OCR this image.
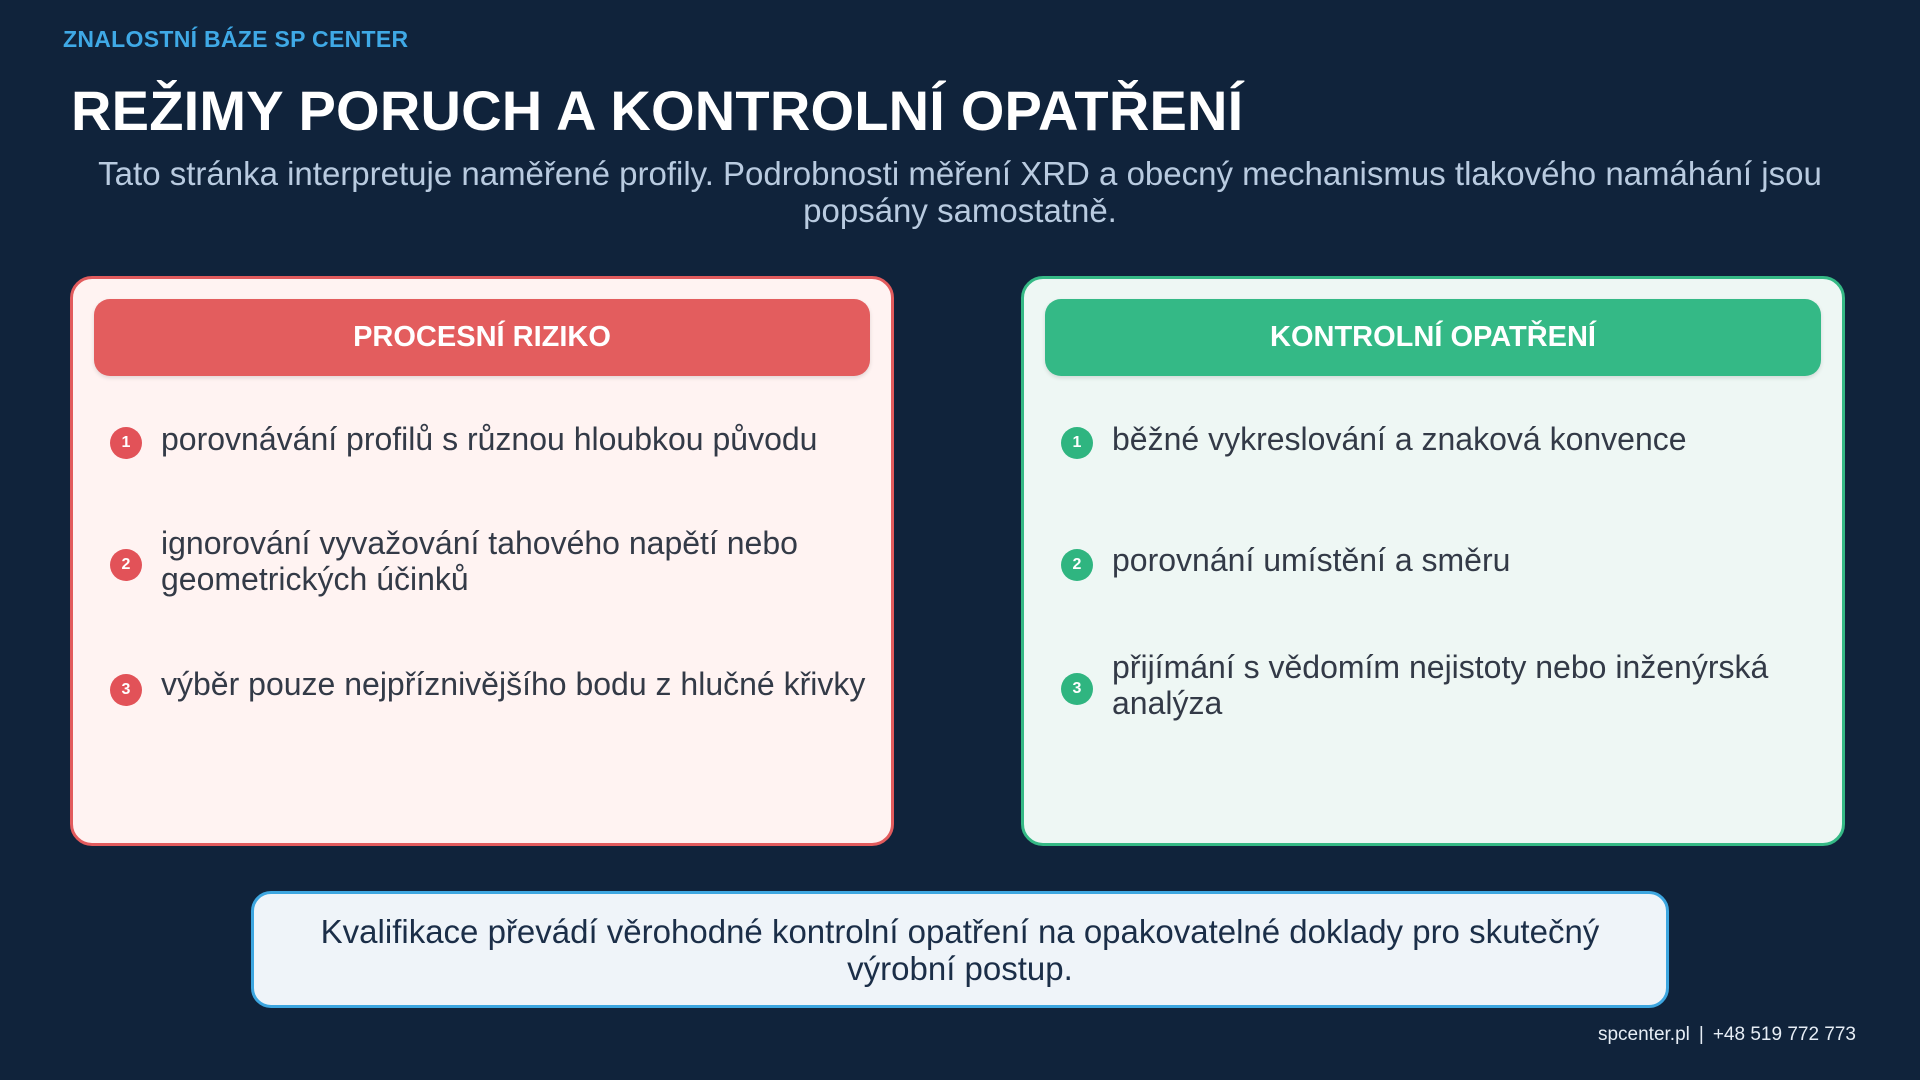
ZNALOSTNÍ BÁZE SP CENTER
REŽIMY PORUCH A KONTROLNÍ OPATŘENÍ
Tato stránka interpretuje naměřené profily. Podrobnosti měření XRD a obecný mechanismus tlakového namáhání jsou popsány samostatně.
PROCESNÍ RIZIKO
1 porovnávání profilů s různou hloubkou původu
2
ignorování vyvažování tahového napětí nebo geometrických účinků
3 výběr pouze nejpříznivějšího bodu z hlučné křivky
KONTROLNÍ OPATŘENÍ
1 běžné vykreslování a znaková konvence
2 porovnání umístění a směru
3
přijímání s vědomím nejistoty nebo inženýrská analýza
Kvalifikace převádí věrohodné kontrolní opatření na opakovatelné doklady pro skutečný výrobní postup.
spcenter.pl | +48 519 772 773
